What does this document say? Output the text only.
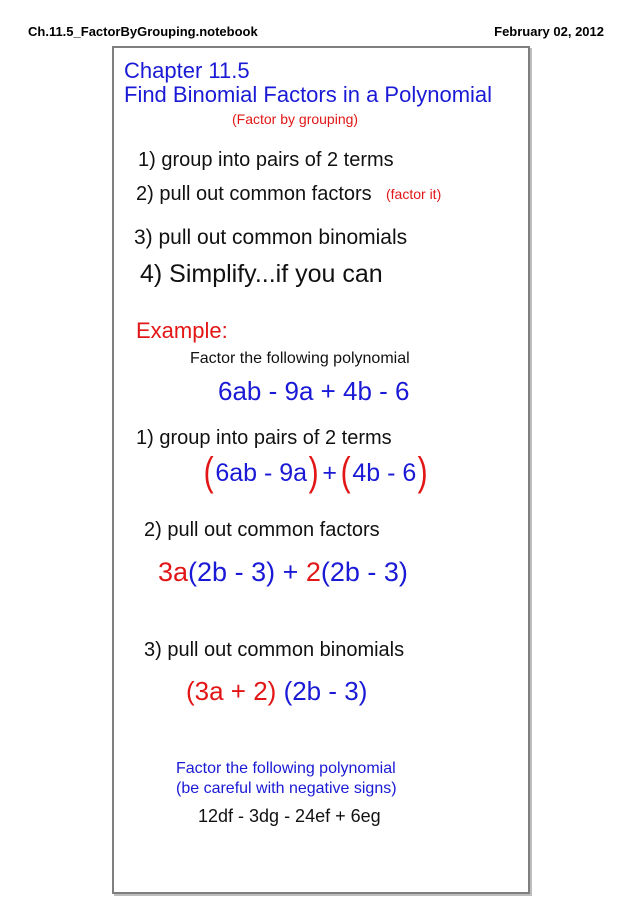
Ch.11.5_FactorByGrouping.notebook	February 02, 2012
Chapter 11.5
Find Binomial Factors in a Polynomial
(Factor by grouping)
1) group into pairs of 2 terms
2) pull out common factors (factor it)
3) pull out common binomials
4) Simplify...if you can
Example:
Factor the following polynomial
6ab - 9a + 4b - 6
1) group into pairs of 2 terms
(6ab - 9a) +(4b - 6)
2) pull out common factors
3a(2b - 3) + 2(2b - 3)
3) pull out common binomials
(3a + 2) (2b - 3)
Factor the following polynomial
(be careful with negative signs)
12df - 3dg - 24ef + 6eg
